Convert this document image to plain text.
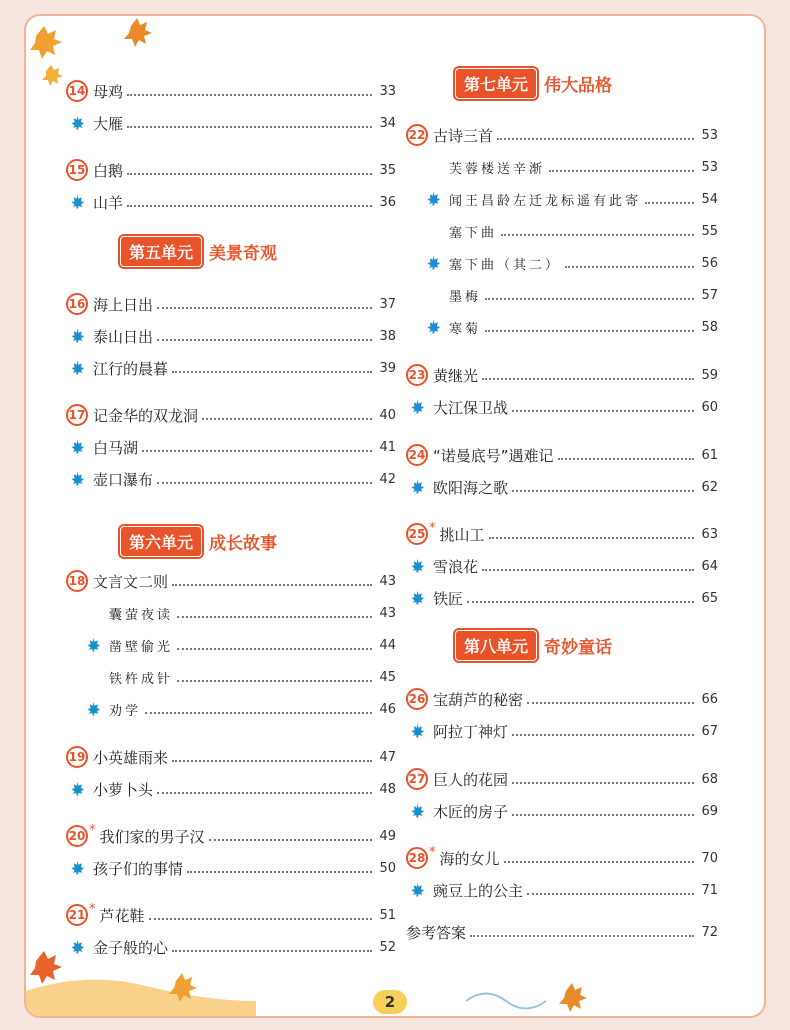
14 母鸡	33
大雁	34
15 白鹅	35
山羊	36
第五单元 美景奇观
16 海上日出	37
泰山日出	38
江行的晨暮	39
17 记金华的双龙洞	40
白马湖	41
壶口瀑布	42
第六单元 成长故事
18 文言文二则	43
囊萤夜读	43
凿壁偷光	44
铁杵成针	45
劝学	46
19 小英雄雨来	47
小萝卜头	48
20 * 我们家的男子汉	49
孩子们的事情	50
21 * 芦花鞋	51
金子般的心	52
第七单元 伟大品格
22 古诗三首	53
芙蓉楼送辛渐	53
闻王昌龄左迁龙标遥有此寄	54
塞下曲	55
塞下曲（其二）	56
墨梅	57
寒菊	58
23 黄继光	59
大江保卫战	60
24 “诺曼底号”遇难记	61
欧阳海之歌	62
25 * 挑山工	63
雪浪花	64
铁匠	65
第八单元 奇妙童话
26 宝葫芦的秘密	66
阿拉丁神灯	67
27 巨人的花园	68
木匠的房子	69
28 * 海的女儿	70
豌豆上的公主	71
参考答案	72
2
